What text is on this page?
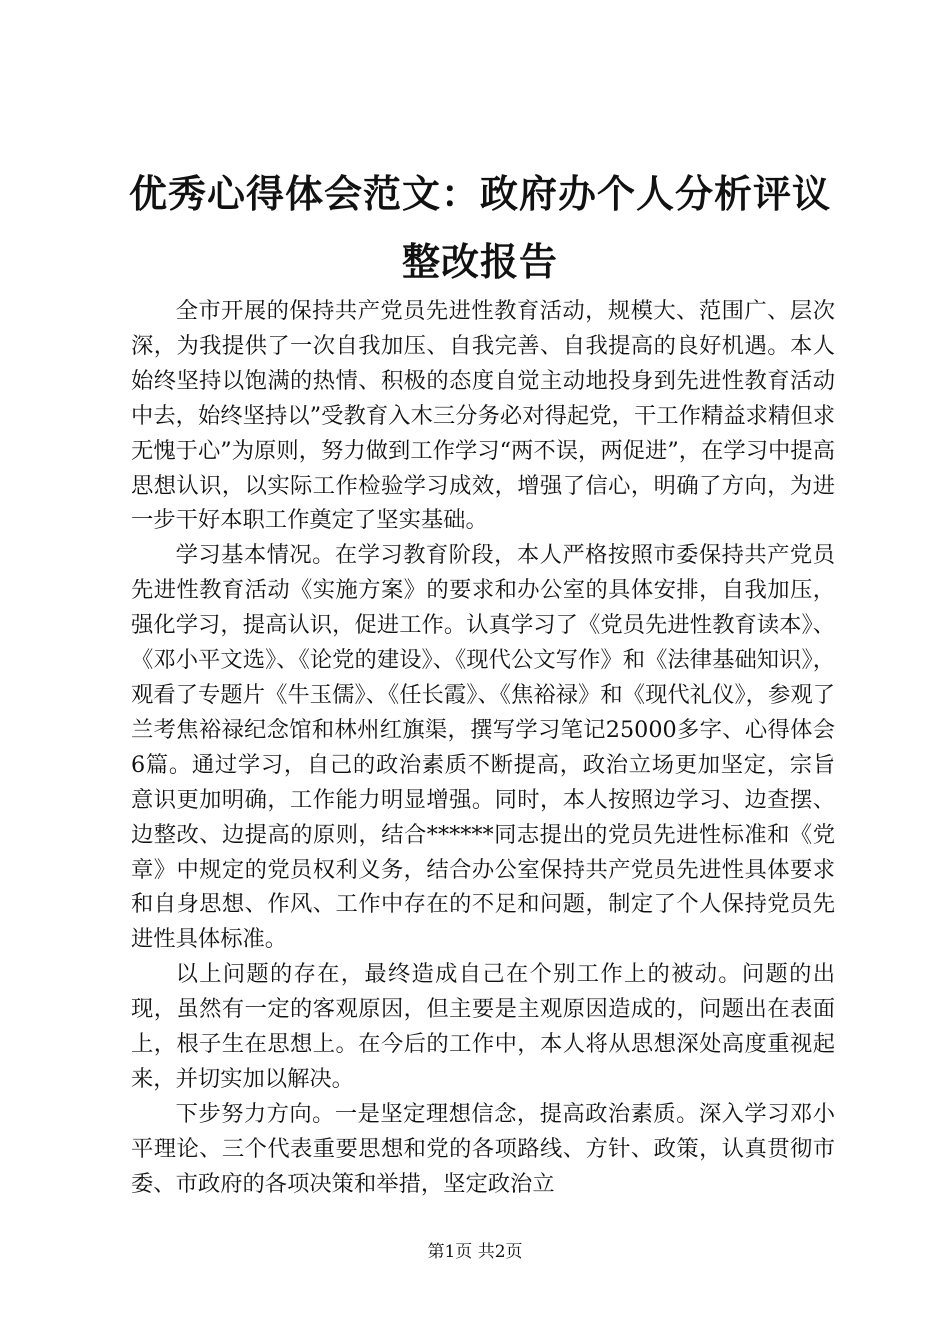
优秀心得体会范文：政府办个人分析评议整改报告

全市开展的保持共产党员先进性教育活动，规模大、范围广、层次深，为我提供了一次自我加压、自我完善、自我提高的良好机遇。本人始终坚持以饱满的热情、积极的态度自觉主动地投身到先进性教育活动中去，始终坚持以”受教育入木三分务必对得起党，干工作精益求精但求无愧于心”为原则，努力做到工作学习“两不误，两促进”，在学习中提高思想认识，以实际工作检验学习成效，增强了信心，明确了方向，为进一步干好本职工作奠定了坚实基础。

学习基本情况。在学习教育阶段，本人严格按照市委保持共产党员先进性教育活动《实施方案》的要求和办公室的具体安排，自我加压，强化学习，提高认识，促进工作。认真学习了《党员先进性教育读本》、《邓小平文选》、《论党的建设》、《现代公文写作》和《法律基础知识》，观看了专题片《牛玉儒》、《任长霞》、《焦裕禄》和《现代礼仪》，参观了兰考焦裕禄纪念馆和林州红旗渠，撰写学习笔记25000多字、心得体会6篇。通过学习，自己的政治素质不断提高，政治立场更加坚定，宗旨意识更加明确，工作能力明显增强。同时，本人按照边学习、边查摆、边整改、边提高的原则，结合******同志提出的党员先进性标准和《党章》中规定的党员权利义务，结合办公室保持共产党员先进性具体要求和自身思想、作风、工作中存在的不足和问题，制定了个人保持党员先进性具体标准。

以上问题的存在，最终造成自己在个别工作上的被动。问题的出现，虽然有一定的客观原因，但主要是主观原因造成的，问题出在表面上，根子生在思想上。在今后的工作中，本人将从思想深处高度重视起来，并切实加以解决。

下步努力方向。一是坚定理想信念，提高政治素质。深入学习邓小平理论、三个代表重要思想和党的各项路线、方针、政策，认真贯彻市委、市政府的各项决策和举措，坚定政治立

第1页 共2页
